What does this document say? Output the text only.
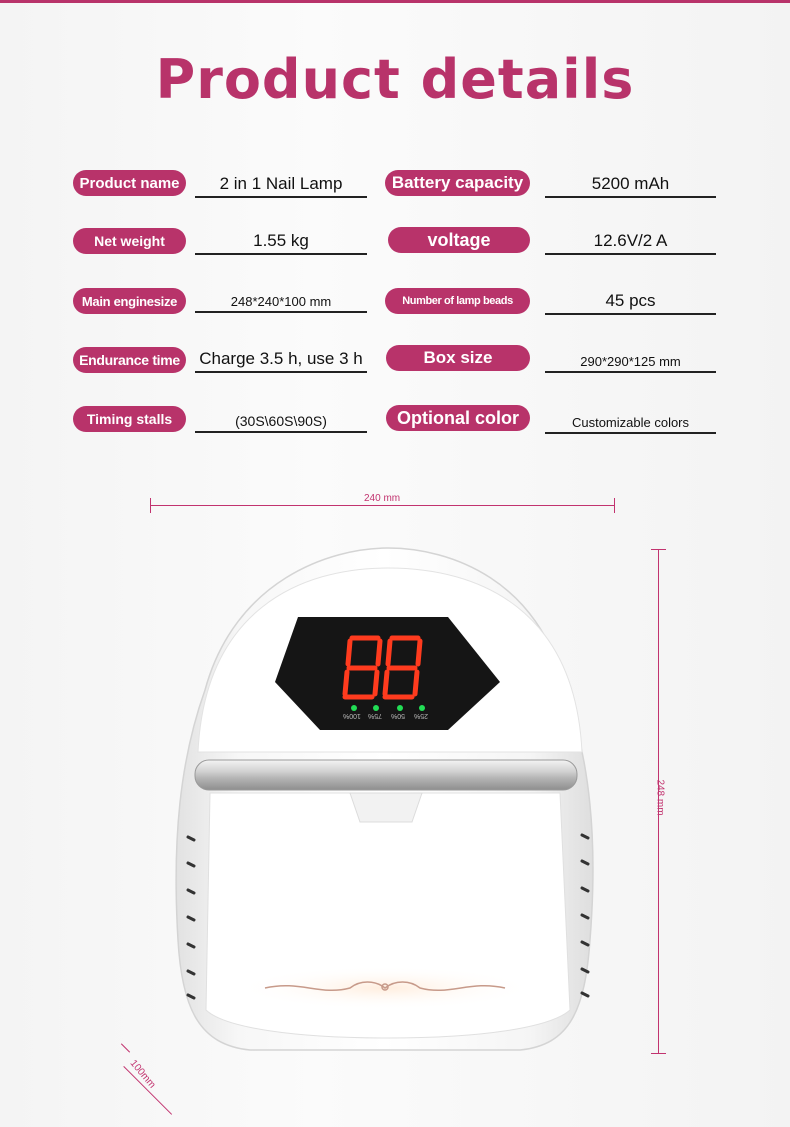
Product details
Product name	2 in 1 Nail Lamp	Battery capacity	5200 mAh
Net weight	1.55 kg	voltage	12.6V/2 A
Main enginesize	248*240*100 mm	Number of lamp beads	45 pcs
Endurance time	Charge 3.5 h, use 3 h	Box size	290*290*125 mm
Timing stalls	(30S\60S\90S)	Optional color	Customizable colors
240 mm
248 mm
100mm
100% 75% 50% 25%
